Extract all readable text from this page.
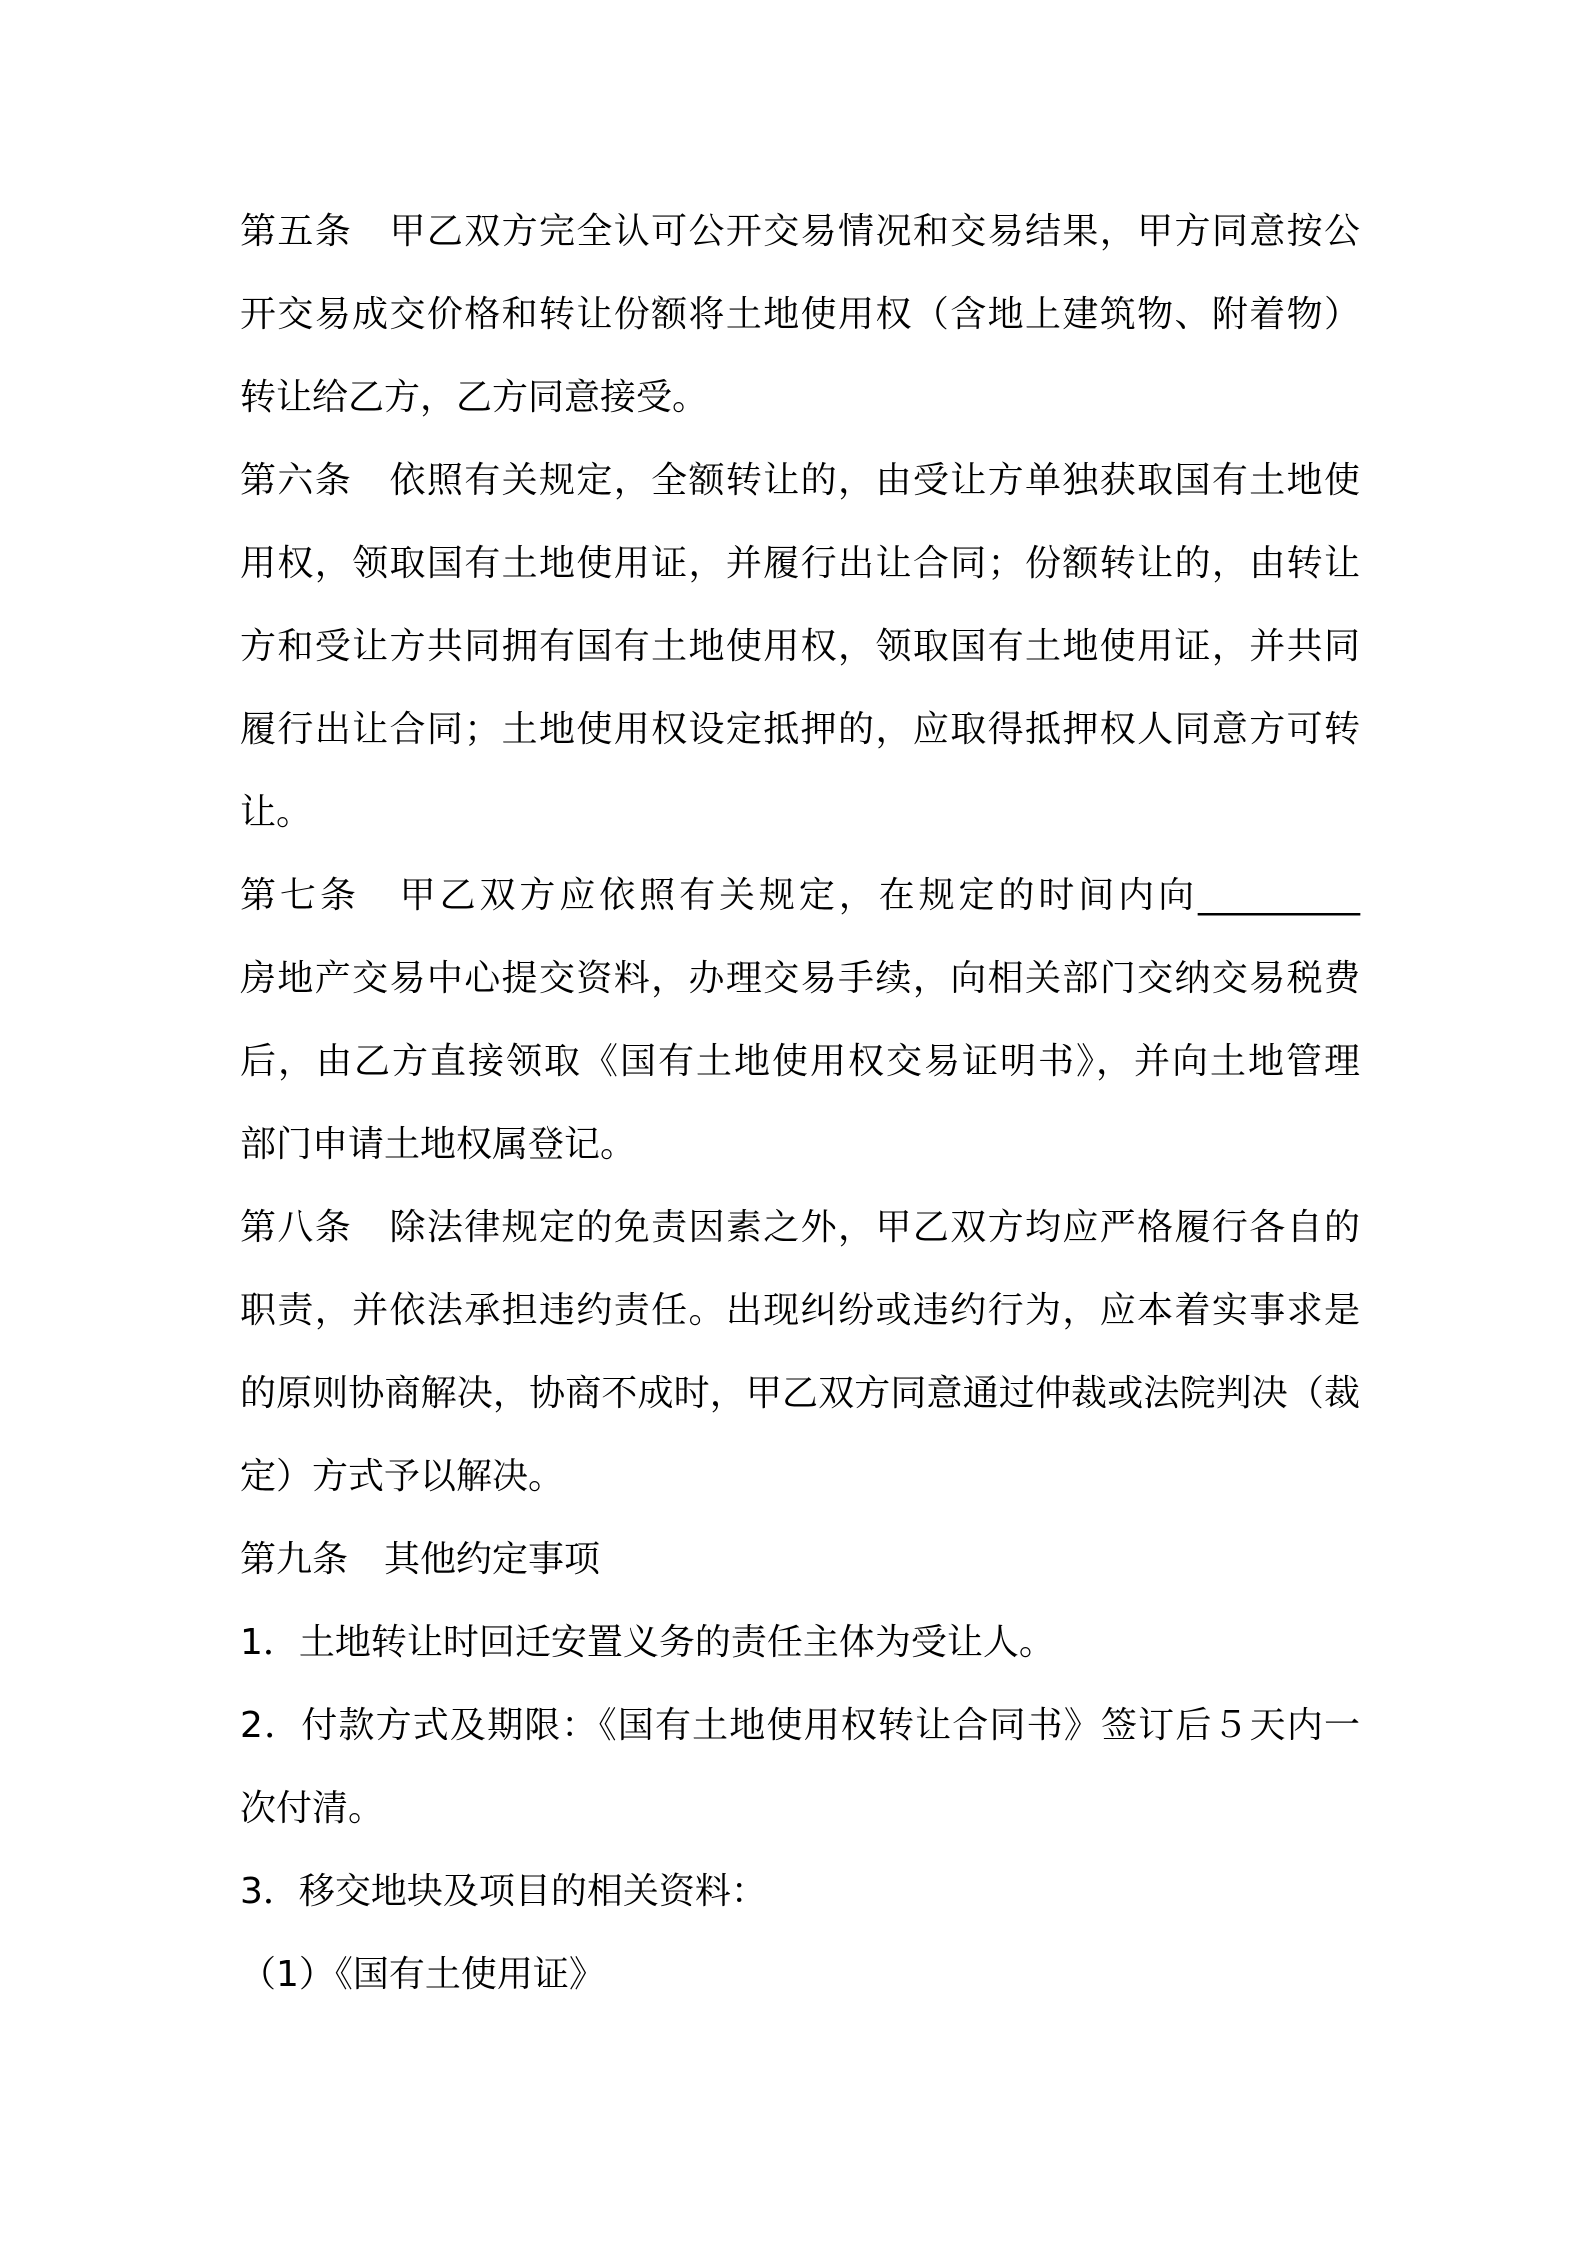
第五条　甲乙双方完全认可公开交易情况和交易结果，甲方同意按公
开交易成交价格和转让份额将土地使用权（含地上建筑物、附着物）
转让给乙方，乙方同意接受。
第六条　依照有关规定，全额转让的，由受让方单独获取国有土地使
用权，领取国有土地使用证，并履行出让合同；份额转让的，由转让
方和受让方共同拥有国有土地使用权，领取国有土地使用证，并共同
履行出让合同；土地使用权设定抵押的，应取得抵押权人同意方可转
让。
第七条　甲乙双方应依照有关规定，在规定的时间内向_________
房地产交易中心提交资料，办理交易手续，向相关部门交纳交易税费
后，由乙方直接领取《国有土地使用权交易证明书》，并向土地管理
部门申请土地权属登记。
第八条　除法律规定的免责因素之外，甲乙双方均应严格履行各自的
职责，并依法承担违约责任。出现纠纷或违约行为，应本着实事求是
的原则协商解决，协商不成时，甲乙双方同意通过仲裁或法院判决（裁
定）方式予以解决。
第九条　其他约定事项
1．土地转让时回迁安置义务的责任主体为受让人。
2．付款方式及期限：《国有土地使用权转让合同书》签订后５天内一
次付清。
3．移交地块及项目的相关资料：
（1）《国有土使用证》
